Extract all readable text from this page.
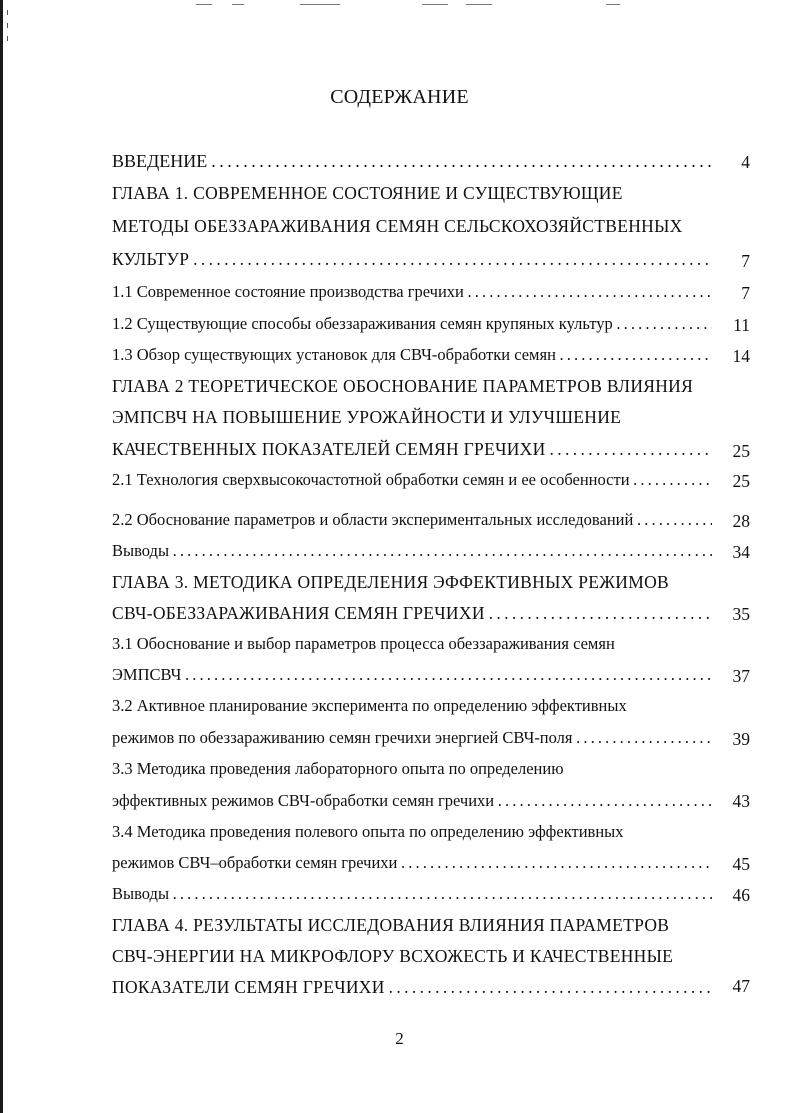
СОДЕРЖАНИЕ
ВВЕДЕНИЕ . . .	4
ГЛАВА 1. СОВРЕМЕННОЕ СОСТОЯНИЕ И СУЩЕСТВУЮЩИЕ
МЕТОДЫ ОБЕЗЗАРАЖИВАНИЯ СЕМЯН СЕЛЬСКОХОЗЯЙСТВЕННЫХ
КУЛЬТУР . . .	7
1.1 Современное состояние производства гречихи . . .	7
1.2 Существующие способы обеззараживания семян крупяных культур . . .	11
1.3 Обзор существующих установок для СВЧ-обработки семян . . .	14
ГЛАВА 2 ТЕОРЕТИЧЕСКОЕ ОБОСНОВАНИЕ ПАРАМЕТРОВ ВЛИЯНИЯ
ЭМПСВЧ НА ПОВЫШЕНИЕ УРОЖАЙНОСТИ И УЛУЧШЕНИЕ
КАЧЕСТВЕННЫХ ПОКАЗАТЕЛЕЙ СЕМЯН ГРЕЧИХИ . . .	25
2.1 Технология сверхвысокочастотной обработки семян и ее особенности . . .	25
2.2 Обоснование параметров и области экспериментальных исследований . . .	28
Выводы . . .	34
ГЛАВА 3. МЕТОДИКА ОПРЕДЕЛЕНИЯ ЭФФЕКТИВНЫХ РЕЖИМОВ
СВЧ-ОБЕЗЗАРАЖИВАНИЯ СЕМЯН ГРЕЧИХИ . . .	35
3.1 Обоснование и выбор параметров процесса обеззараживания семян
ЭМПСВЧ . . .	37
3.2 Активное планирование эксперимента по определению эффективных
режимов по обеззараживанию семян гречихи энергией СВЧ-поля . . .	39
3.3 Методика проведения лабораторного опыта по определению
эффективных режимов СВЧ-обработки семян гречихи . . .	43
3.4 Методика проведения полевого опыта по определению эффективных
режимов СВЧ–обработки семян гречихи . . .	45
Выводы . . .	46
ГЛАВА 4. РЕЗУЛЬТАТЫ ИССЛЕДОВАНИЯ ВЛИЯНИЯ ПАРАМЕТРОВ
СВЧ-ЭНЕРГИИ НА МИКРОФЛОРУ ВСХОЖЕСТЬ И КАЧЕСТВЕННЫЕ
ПОКАЗАТЕЛИ СЕМЯН ГРЕЧИХИ . . .	47
2
